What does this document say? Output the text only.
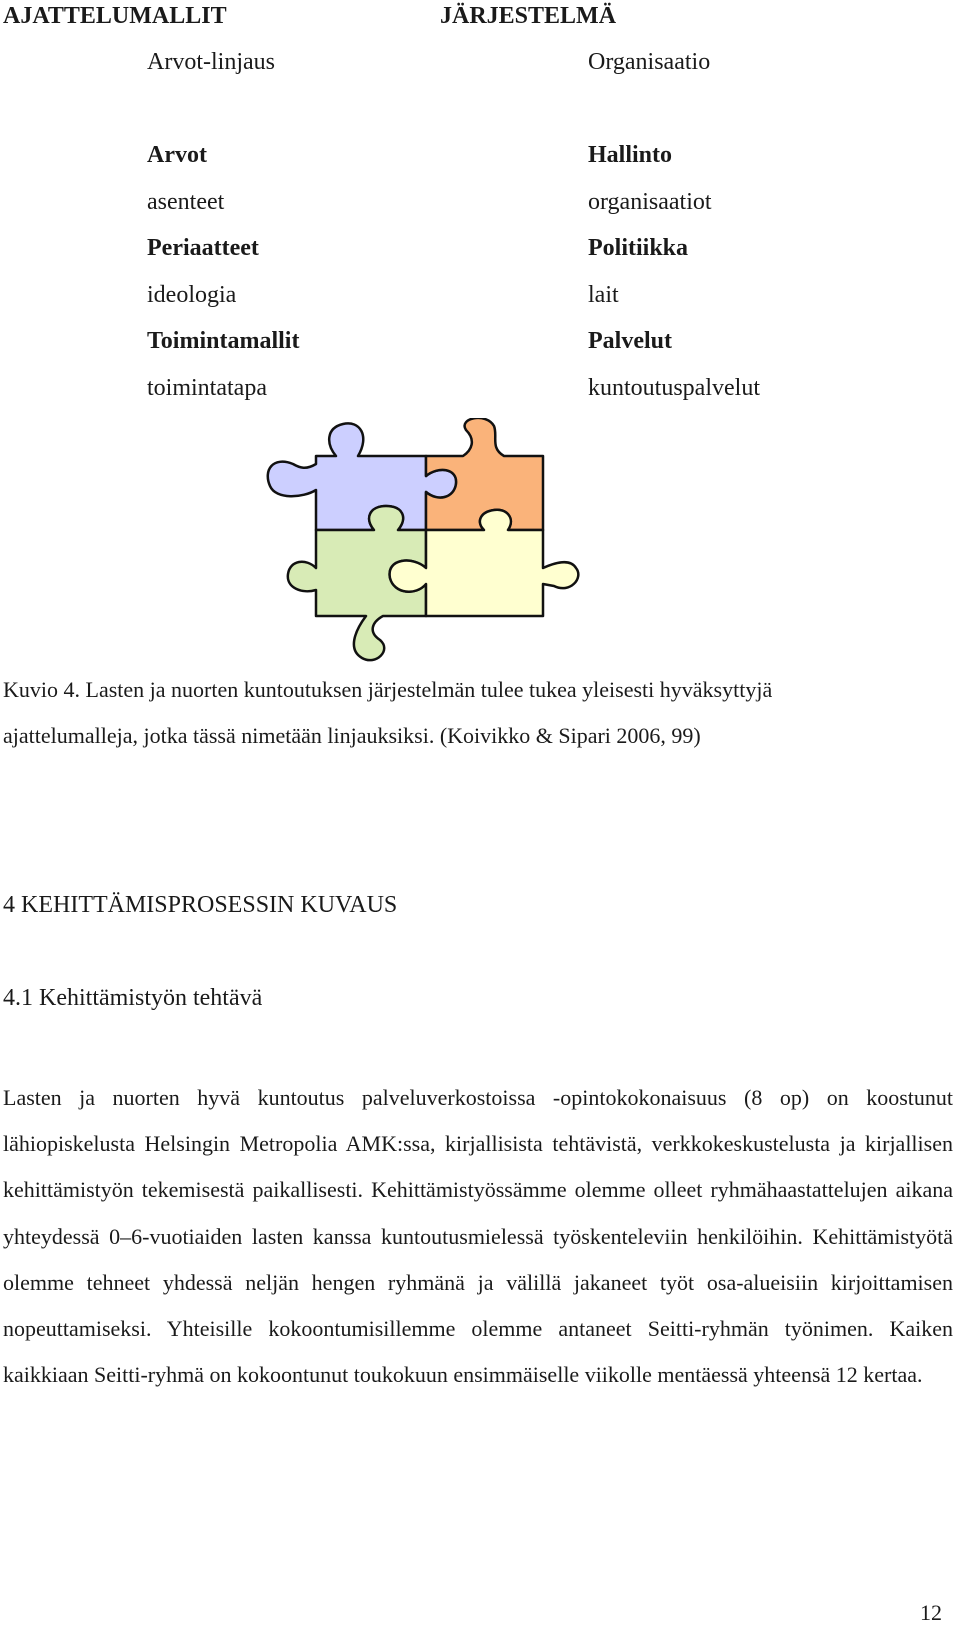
AJATTELUMALLIT	JÄRJESTELMÄ
Arvot-linjaus	Organisaatio
Arvot
asenteet
Periaatteet
ideologia
Toimintamallit
toimintatapa
Hallinto
organisaatiot
Politiikka
lait
Palvelut
kuntoutuspalvelut
Kuvio 4. Lasten ja nuorten kuntoutuksen järjestelmän tulee tukea yleisesti hyväksyttyjä
ajattelumalleja, jotka tässä nimetään linjauksiksi. (Koivikko & Sipari 2006, 99)
4 KEHITTÄMISPROSESSIN KUVAUS
4.1 Kehittämistyön tehtävä

Lasten ja nuorten hyvä kuntoutus palveluverkostoissa -opintokokonaisuus (8 op) on koostunut lähiopiskelusta Helsingin Metropolia AMK:ssa, kirjallisista tehtävistä, verkkokeskustelusta ja kirjallisen kehittämistyön tekemisestä paikallisesti. Kehittämistyössämme olemme olleet ryhmähaastattelujen aikana yhteydessä 0–6-vuotiaiden lasten kanssa kuntoutusmielessä työskenteleviin henkilöihin. Kehittämistyötä olemme tehneet yhdessä neljän hengen ryhmänä ja välillä jakaneet työt osa-alueisiin kirjoittamisen nopeuttamiseksi. Yhteisille kokoontumisillemme olemme antaneet Seitti-ryhmän työnimen. Kaiken kaikkiaan Seitti-ryhmä on kokoontunut toukokuun ensimmäiselle viikolle mentäessä yhteensä 12 kertaa.

12
